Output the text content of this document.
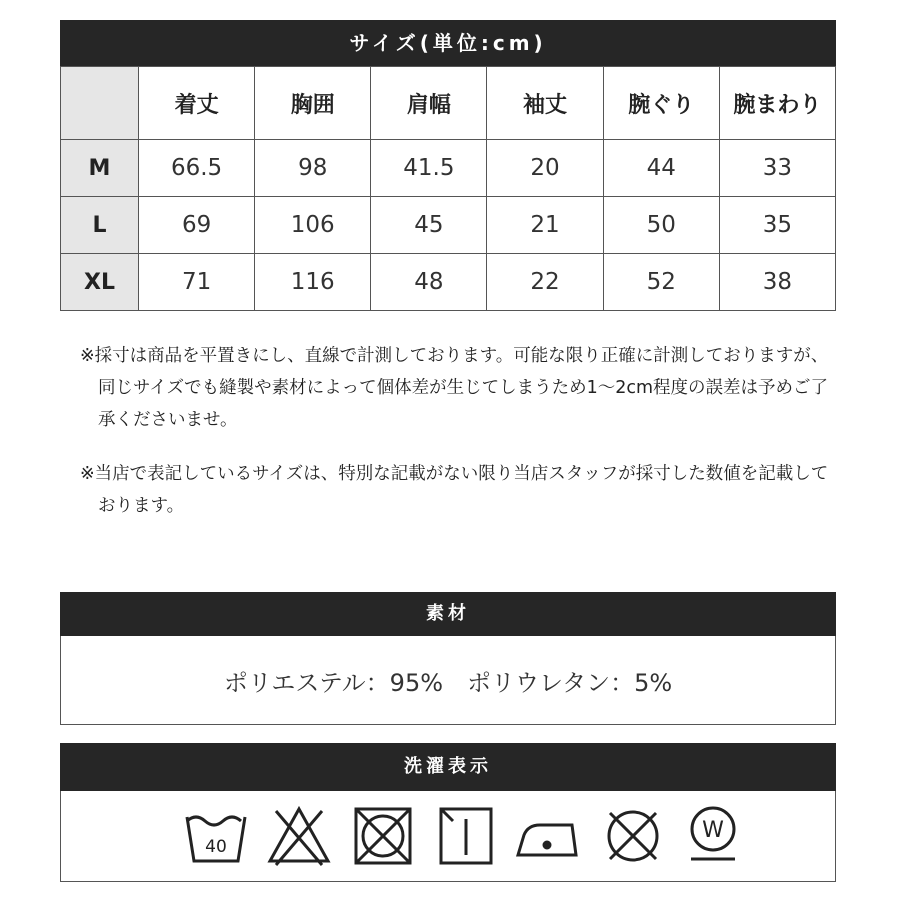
サイズ(単位:cm)
	着丈	胸囲	肩幅	袖丈	腕ぐり	腕まわり
M	66.5	98	41.5	20	44	33
L	69	106	45	21	50	35
XL	71	116	48	22	52	38

※採寸は商品を平置きにし、直線で計測しております。可能な限り正確に計測しておりますが、同じサイズでも縫製や素材によって個体差が生じてしまうため1〜2cm程度の誤差は予めご了承くださいませ。

※当店で表記しているサイズは、特別な記載がない限り当店スタッフが採寸した数値を記載しております。

素材
ポリエステル：95%　ポリウレタン：5%
洗濯表示
40
W
